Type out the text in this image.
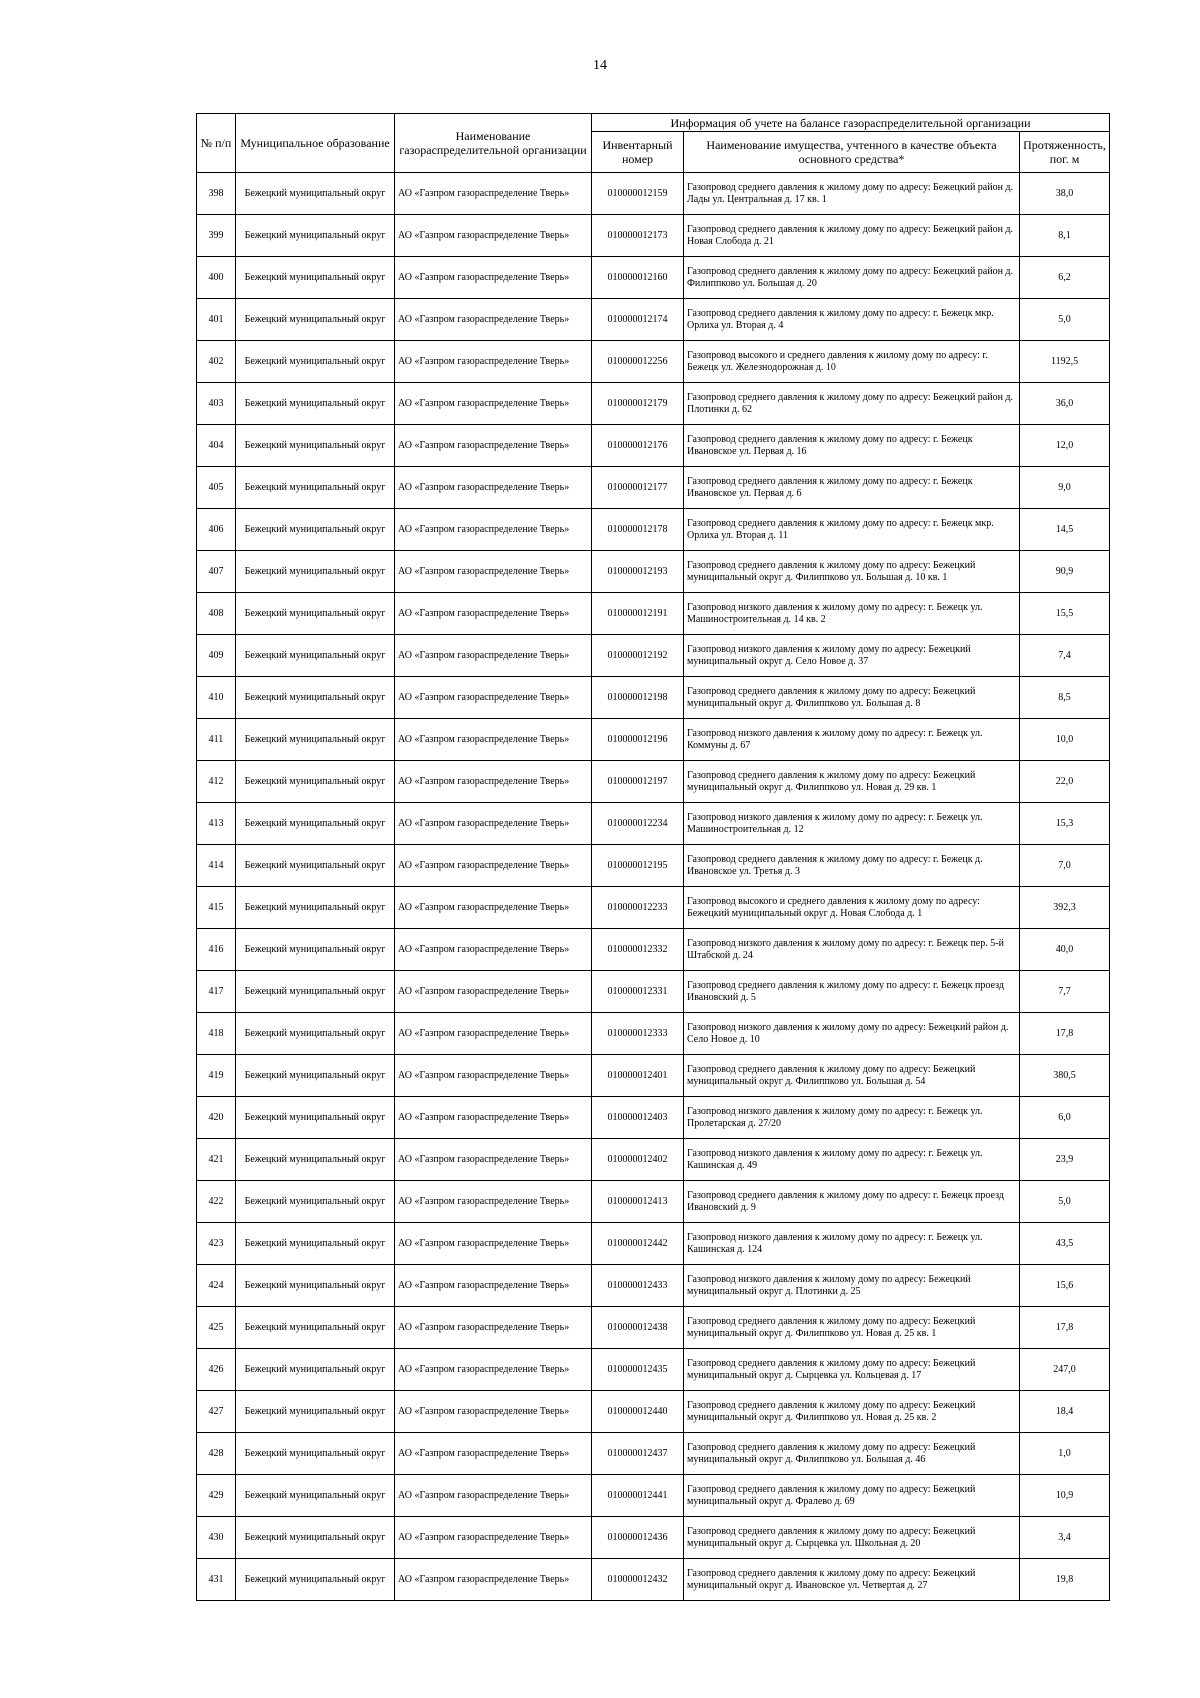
14
№ п/п	Муниципальное образование	Наименование газораспределительной организации	Информация об учете на балансе газораспределительной организации		
			Инвентарный номер	Наименование имущества, учтенного в качестве объекта основного средства*	Протяженность, пог. м
398	Бежецкий муниципальный округ	АО «Газпром газораспределение Тверь»	010000012159	Газопровод среднего давления к жилому дому по адресу: Бежецкий район д. Лады ул. Центральная д. 17 кв. 1	38,0
399	Бежецкий муниципальный округ	АО «Газпром газораспределение Тверь»	010000012173	Газопровод среднего давления к жилому дому по адресу: Бежецкий район д. Новая Слобода д. 21	8,1
400	Бежецкий муниципальный округ	АО «Газпром газораспределение Тверь»	010000012160	Газопровод среднего давления к жилому дому по адресу: Бежецкий район д. Филиппково ул. Большая д. 20	6,2
401	Бежецкий муниципальный округ	АО «Газпром газораспределение Тверь»	010000012174	Газопровод среднего давления к жилому дому по адресу: г. Бежецк мкр. Орлиха ул. Вторая д. 4	5,0
402	Бежецкий муниципальный округ	АО «Газпром газораспределение Тверь»	010000012256	Газопровод высокого и среднего давления к жилому дому по адресу: г. Бежецк ул. Железнодорожная д. 10	1192,5
403	Бежецкий муниципальный округ	АО «Газпром газораспределение Тверь»	010000012179	Газопровод среднего давления к жилому дому по адресу: Бежецкий район д. Плотинки д. 62	36,0
404	Бежецкий муниципальный округ	АО «Газпром газораспределение Тверь»	010000012176	Газопровод среднего давления к жилому дому по адресу: г. Бежецк Ивановское ул. Первая д. 16	12,0
405	Бежецкий муниципальный округ	АО «Газпром газораспределение Тверь»	010000012177	Газопровод среднего давления к жилому дому по адресу: г. Бежецк Ивановское ул. Первая д. 6	9,0
406	Бежецкий муниципальный округ	АО «Газпром газораспределение Тверь»	010000012178	Газопровод среднего давления к жилому дому по адресу: г. Бежецк мкр. Орлиха ул. Вторая д. 11	14,5
407	Бежецкий муниципальный округ	АО «Газпром газораспределение Тверь»	010000012193	Газопровод среднего давления к жилому дому по адресу: Бежецкий муниципальный округ д. Филиппково ул. Большая д. 10 кв. 1	90,9
408	Бежецкий муниципальный округ	АО «Газпром газораспределение Тверь»	010000012191	Газопровод низкого давления к жилому дому по адресу: г. Бежецк ул. Машиностроительная д. 14 кв. 2	15,5
409	Бежецкий муниципальный округ	АО «Газпром газораспределение Тверь»	010000012192	Газопровод низкого давления к жилому дому по адресу: Бежецкий муниципальный округ д. Село Новое д. 37	7,4
410	Бежецкий муниципальный округ	АО «Газпром газораспределение Тверь»	010000012198	Газопровод среднего давления к жилому дому по адресу: Бежецкий муниципальный округ д. Филиппково ул. Большая д. 8	8,5
411	Бежецкий муниципальный округ	АО «Газпром газораспределение Тверь»	010000012196	Газопровод низкого давления к жилому дому по адресу: г. Бежецк ул. Коммуны д. 67	10,0
412	Бежецкий муниципальный округ	АО «Газпром газораспределение Тверь»	010000012197	Газопровод среднего давления к жилому дому по адресу: Бежецкий муниципальный округ д. Филиппково ул. Новая д. 29 кв. 1	22,0
413	Бежецкий муниципальный округ	АО «Газпром газораспределение Тверь»	010000012234	Газопровод низкого давления к жилому дому по адресу: г. Бежецк ул. Машиностроительная д. 12	15,3
414	Бежецкий муниципальный округ	АО «Газпром газораспределение Тверь»	010000012195	Газопровод среднего давления к жилому дому по адресу: г. Бежецк д. Ивановское ул. Третья д. 3	7,0
415	Бежецкий муниципальный округ	АО «Газпром газораспределение Тверь»	010000012233	Газопровод высокого и среднего давления к жилому дому по адресу: Бежецкий муниципальный округ д. Новая Слобода д. 1	392,3
416	Бежецкий муниципальный округ	АО «Газпром газораспределение Тверь»	010000012332	Газопровод низкого давления к жилому дому по адресу: г. Бежецк пер. 5-й Штабской д. 24	40,0
417	Бежецкий муниципальный округ	АО «Газпром газораспределение Тверь»	010000012331	Газопровод среднего давления к жилому дому по адресу: г. Бежецк проезд Ивановский д. 5	7,7
418	Бежецкий муниципальный округ	АО «Газпром газораспределение Тверь»	010000012333	Газопровод низкого давления к жилому дому по адресу: Бежецкий район д. Село Новое д. 10	17,8
419	Бежецкий муниципальный округ	АО «Газпром газораспределение Тверь»	010000012401	Газопровод среднего давления к жилому дому по адресу: Бежецкий муниципальный округ д. Филиппково ул. Большая д. 54	380,5
420	Бежецкий муниципальный округ	АО «Газпром газораспределение Тверь»	010000012403	Газопровод низкого давления к жилому дому по адресу: г. Бежецк ул. Пролетарская д. 27/20	6,0
421	Бежецкий муниципальный округ	АО «Газпром газораспределение Тверь»	010000012402	Газопровод низкого давления к жилому дому по адресу: г. Бежецк ул. Кашинская д. 49	23,9
422	Бежецкий муниципальный округ	АО «Газпром газораспределение Тверь»	010000012413	Газопровод среднего давления к жилому дому по адресу: г. Бежецк проезд Ивановский д. 9	5,0
423	Бежецкий муниципальный округ	АО «Газпром газораспределение Тверь»	010000012442	Газопровод низкого давления к жилому дому по адресу: г. Бежецк ул. Кашинская д. 124	43,5
424	Бежецкий муниципальный округ	АО «Газпром газораспределение Тверь»	010000012433	Газопровод низкого давления к жилому дому по адресу: Бежецкий муниципальный округ д. Плотинки д. 25	15,6
425	Бежецкий муниципальный округ	АО «Газпром газораспределение Тверь»	010000012438	Газопровод среднего давления к жилому дому по адресу: Бежецкий муниципальный округ д. Филиппково ул. Новая д. 25 кв. 1	17,8
426	Бежецкий муниципальный округ	АО «Газпром газораспределение Тверь»	010000012435	Газопровод среднего давления к жилому дому по адресу: Бежецкий муниципальный округ д. Сырцевка ул. Кольцевая д. 17	247,0
427	Бежецкий муниципальный округ	АО «Газпром газораспределение Тверь»	010000012440	Газопровод среднего давления к жилому дому по адресу: Бежецкий муниципальный округ д. Филиппково ул. Новая д. 25 кв. 2	18,4
428	Бежецкий муниципальный округ	АО «Газпром газораспределение Тверь»	010000012437	Газопровод среднего давления к жилому дому по адресу: Бежецкий муниципальный округ д. Филиппково ул. Большая д. 46	1,0
429	Бежецкий муниципальный округ	АО «Газпром газораспределение Тверь»	010000012441	Газопровод среднего давления к жилому дому по адресу: Бежецкий муниципальный округ д. Фралево д. 69	10,9
430	Бежецкий муниципальный округ	АО «Газпром газораспределение Тверь»	010000012436	Газопровод среднего давления к жилому дому по адресу: Бежецкий муниципальный округ д. Сырцевка ул. Школьная д. 20	3,4
431	Бежецкий муниципальный округ	АО «Газпром газораспределение Тверь»	010000012432	Газопровод среднего давления к жилому дому по адресу: Бежецкий муниципальный округ д. Ивановское ул. Четвертая д. 27	19,8
